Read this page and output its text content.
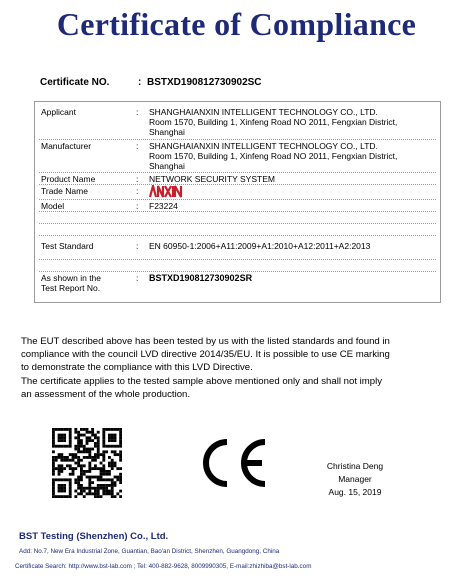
Certificate of Compliance
Certificate NO.	: BSTXD190812730902SC
Applicant	: SHANGHAIANXIN INTELLIGENT TECHNOLOGY CO., LTD.
Room 1570, Building 1, Xinfeng Road NO 2011, Fengxian District,
Shanghai
Manufacturer	: SHANGHAIANXIN INTELLIGENT TECHNOLOGY CO., LTD.
Room 1570, Building 1, Xinfeng Road NO 2011, Fengxian District,
Shanghai
Product Name	: NETWORK SECURITY SYSTEM
Trade Name	:
Model	: F23224
Test Standard	: EN 60950-1:2006+A11:2009+A1:2010+A12:2011+A2:2013
As shown in the
Test Report No.
: BSTXD190812730902SR

The EUT described above has been tested by us with the listed standards and found in

compliance with the council LVD directive 2014/35/EU. It is possible to use CE marking

to demonstrate the compliance with this LVD Directive.

The certificate applies to the tested sample above mentioned only and shall not imply

an assessment of the whole production.

Christina Deng
Manager
Aug. 15, 2019
BST Testing (Shenzhen) Co., Ltd.
Add: No.7, New Era Industrial Zone, Guantian, Bao'an District, Shenzhen, Guangdong, China
Certificate Search: http://www.bst-lab.com ; Tel: 400-882-9628, 8009990305, E-mail:zhizhiba@bst-lab.com
